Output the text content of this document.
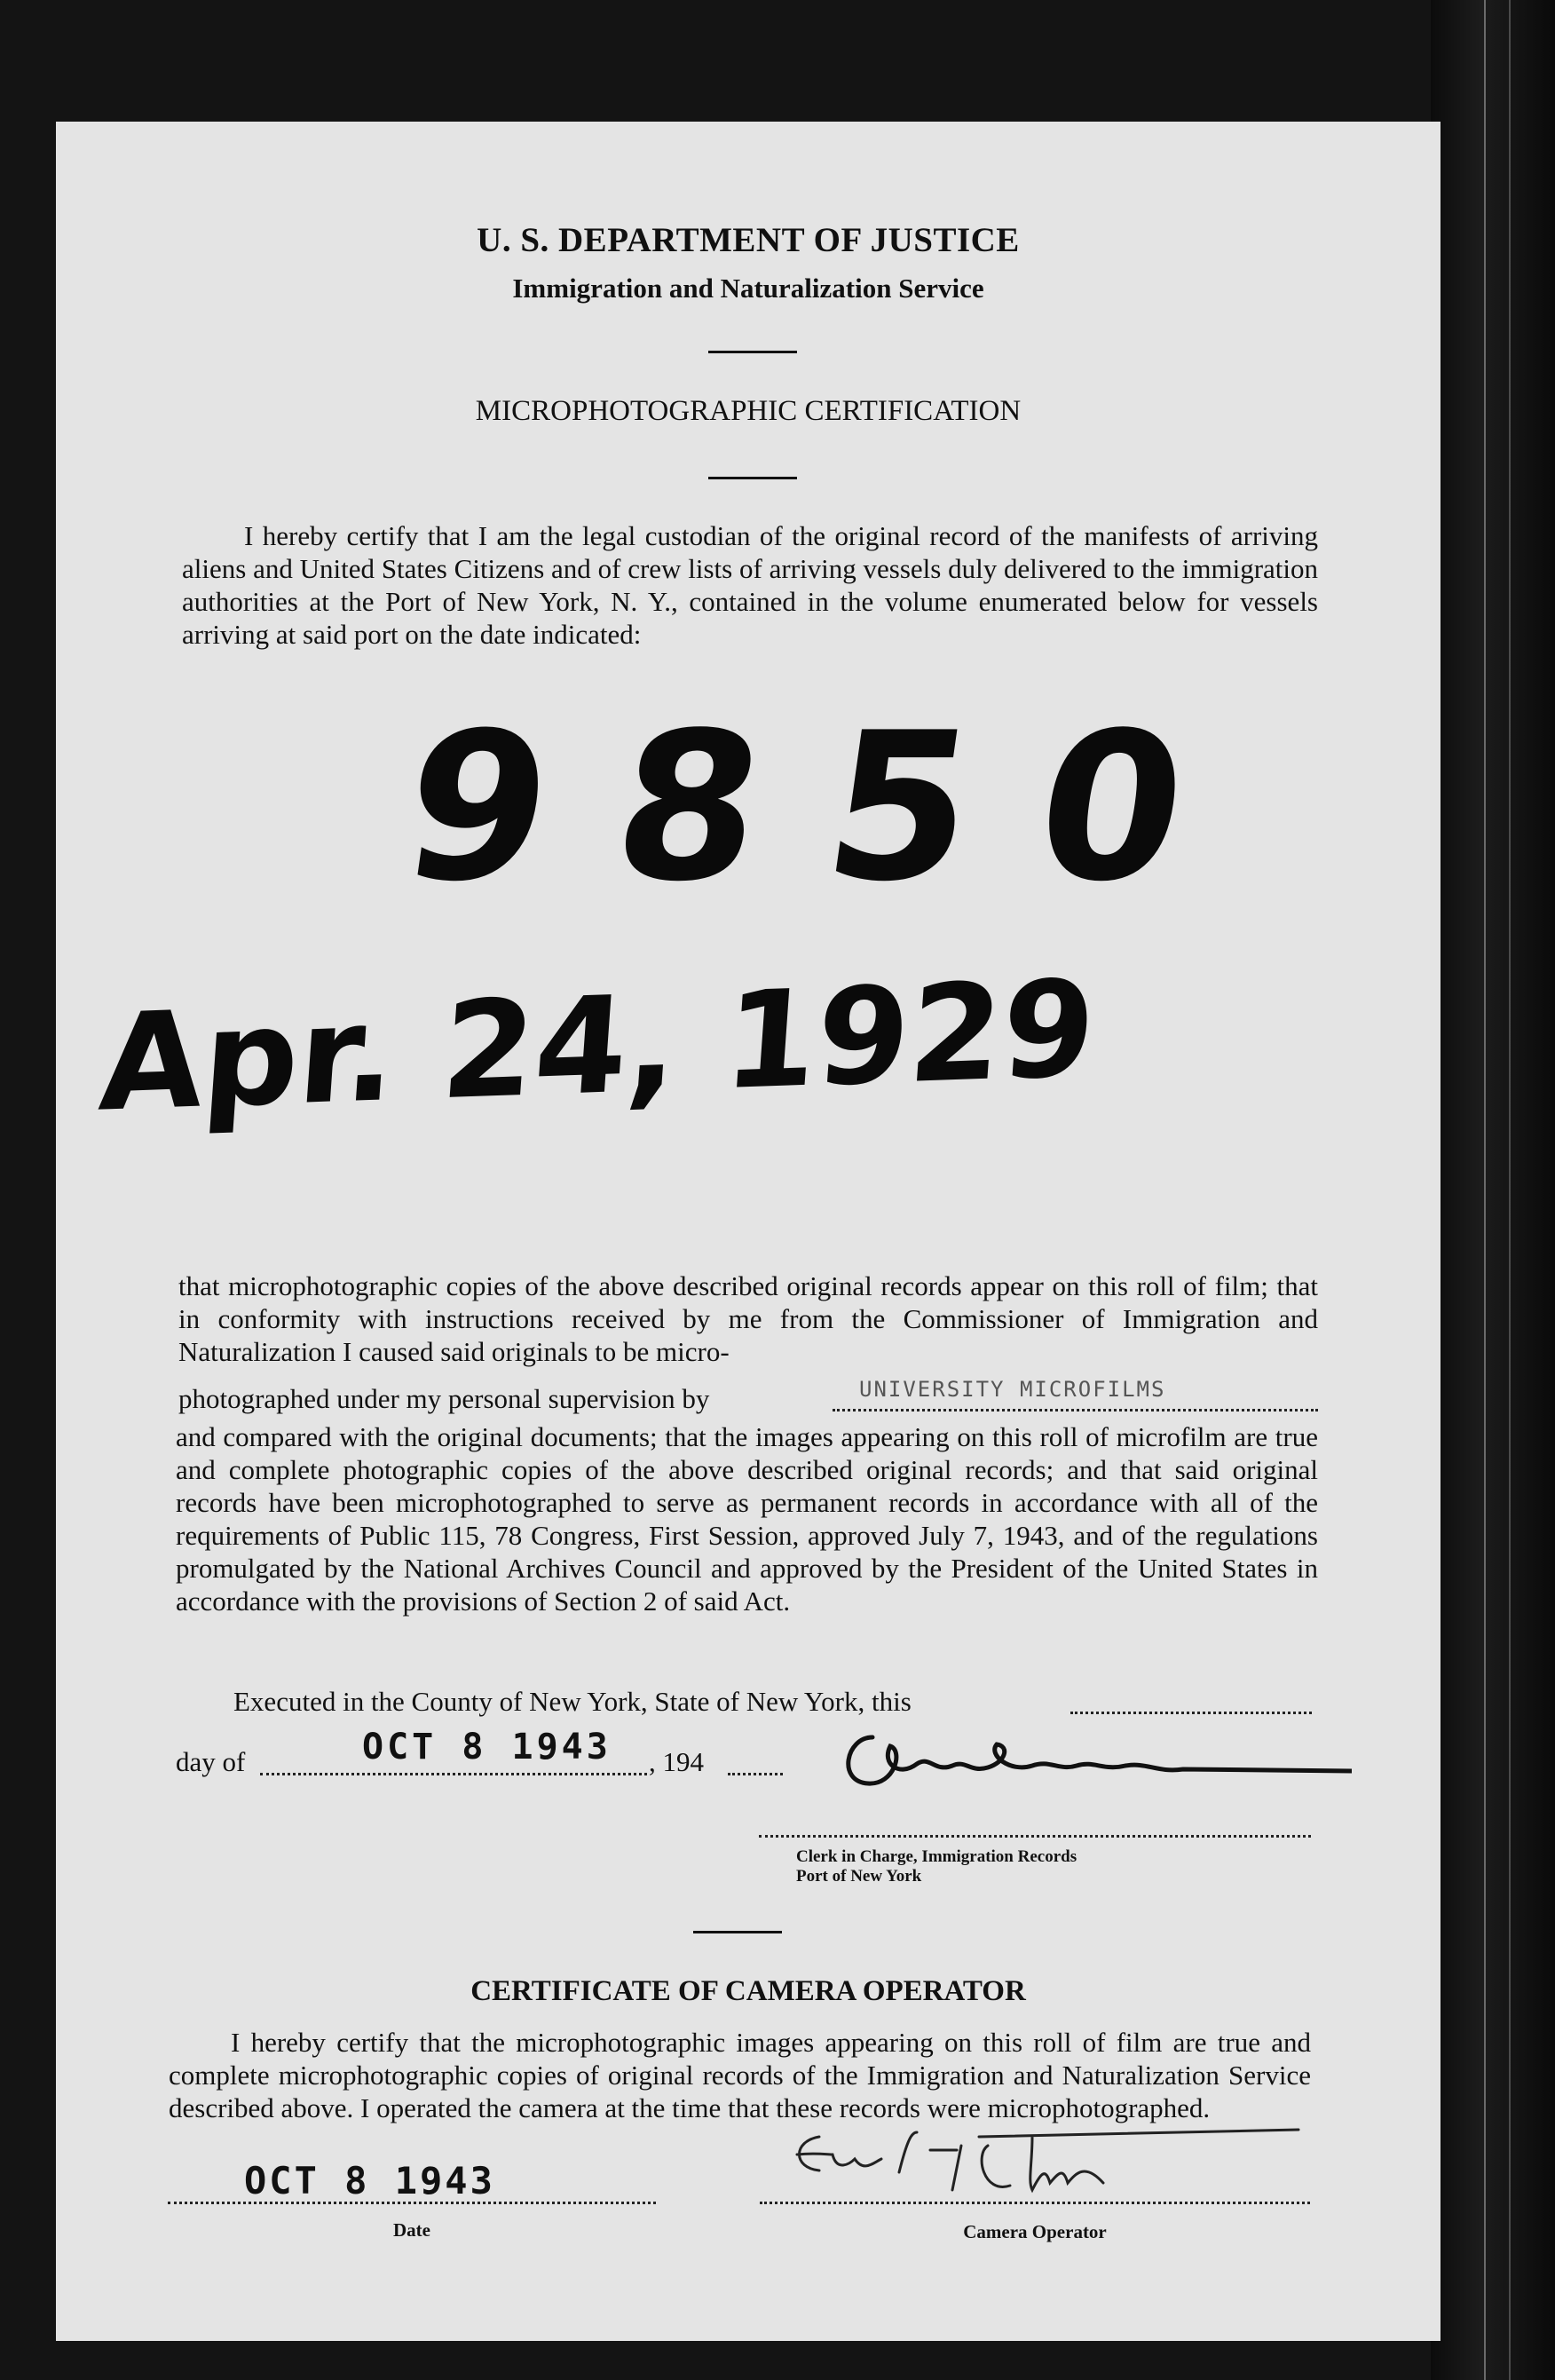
U. S. DEPARTMENT OF JUSTICE
Immigration and Naturalization Service
MICROPHOTOGRAPHIC CERTIFICATION

I hereby certify that I am the legal custodian of the original record of the manifests of arriving aliens and United States Citizens and of crew lists of arriving vessels duly delivered to the immigration authorities at the Port of New York, N. Y., contained in the volume enumerated below for vessels arriving at said port on the date indicated:

9850
Apr. 24, 1929

that microphotographic copies of the above described original records appear on this roll of film; that in conformity with instructions received by me from the Commissioner of Immigration and Naturalization I caused said originals to be micro-

photographed under my personal supervision by	UNIVERSITY MICROFILMS

and compared with the original documents; that the images appearing on this roll of microfilm are true and complete photographic copies of the above described original records; and that said original records have been microphotographed to serve as permanent records in accordance with all of the requirements of Public 115, 78 Congress, First Session, approved July 7, 1943, and of the regulations promulgated by the National Archives Council and approved by the President of the United States in accordance with the provisions of Section 2 of said Act.

Executed in the County of New York, State of New York, this
day of	OCT 8 1943 , 194
Clerk in Charge, Immigration Records
Port of New York
CERTIFICATE OF CAMERA OPERATOR

I hereby certify that the microphotographic images appearing on this roll of film are true and complete microphotographic copies of original records of the Immigration and Naturalization Service described above. I operated the camera at the time that these records were microphotographed.

OCT 8 1943
Date	Camera Operator
